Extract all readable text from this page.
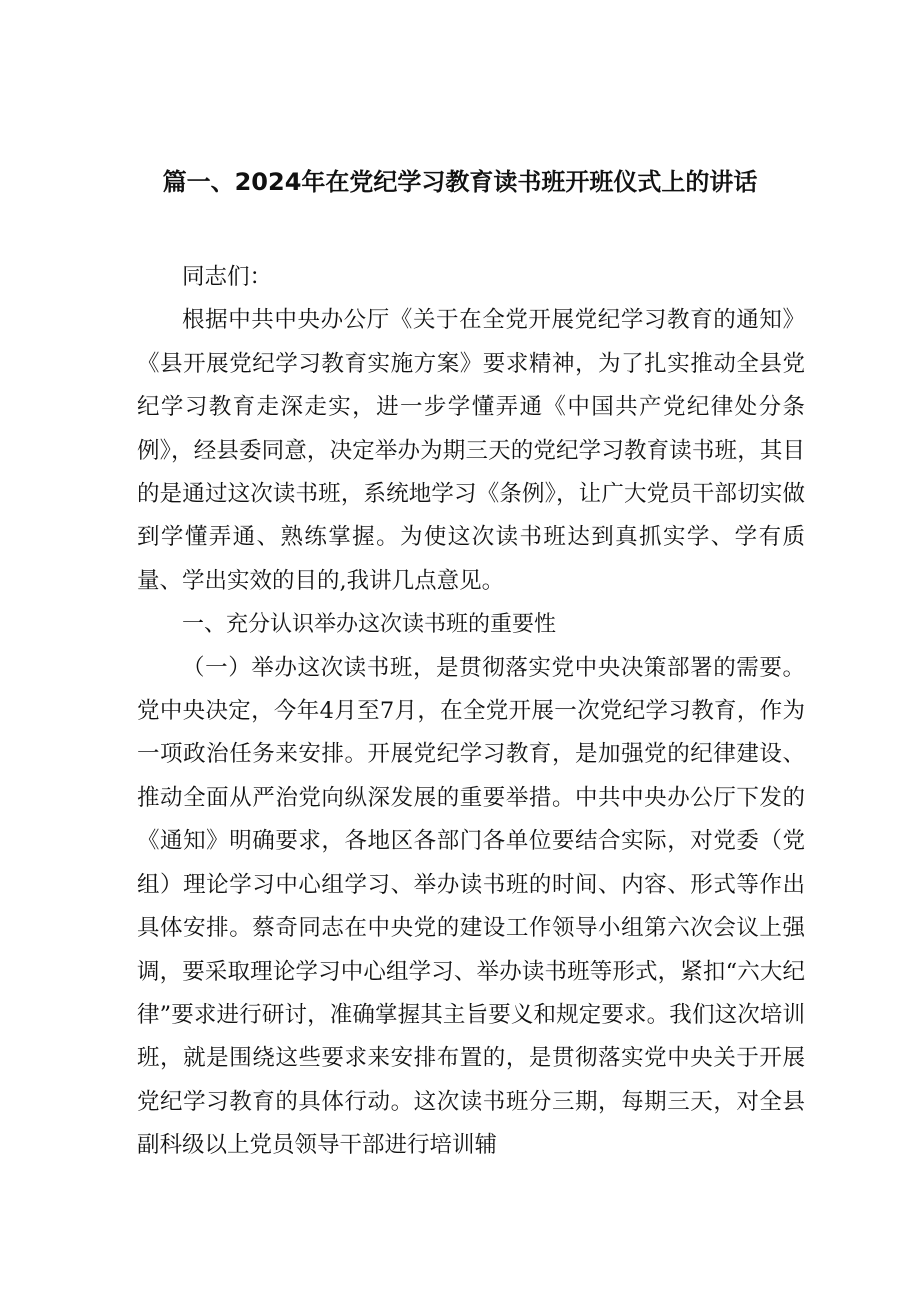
篇一、2024年在党纪学习教育读书班开班仪式上的讲话

同志们：

根据中共中央办公厅《关于在全党开展党纪学习教育的通知》《县开展党纪学习教育实施方案》要求精神，为了扎实推动全县党纪学习教育走深走实，进一步学懂弄通《中国共产党纪律处分条例》，经县委同意，决定举办为期三天的党纪学习教育读书班，其目的是通过这次读书班，系统地学习《条例》，让广大党员干部切实做到学懂弄通、熟练掌握。为使这次读书班达到真抓实学、学有质量、学出实效的目的,我讲几点意见。

一、充分认识举办这次读书班的重要性

（一）举办这次读书班，是贯彻落实党中央决策部署的需要。党中央决定，今年4月至7月，在全党开展一次党纪学习教育，作为一项政治任务来安排。开展党纪学习教育，是加强党的纪律建设、推动全面从严治党向纵深发展的重要举措。中共中央办公厅下发的《通知》明确要求，各地区各部门各单位要结合实际，对党委（党组）理论学习中心组学习、举办读书班的时间、内容、形式等作出具体安排。蔡奇同志在中央党的建设工作领导小组第六次会议上强调，要采取理论学习中心组学习、举办读书班等形式，紧扣“六大纪律”要求进行研讨，准确掌握其主旨要义和规定要求。我们这次培训班，就是围绕这些要求来安排布置的，是贯彻落实党中央关于开展党纪学习教育的具体行动。这次读书班分三期，每期三天，对全县副科级以上党员领导干部进行培训辅
